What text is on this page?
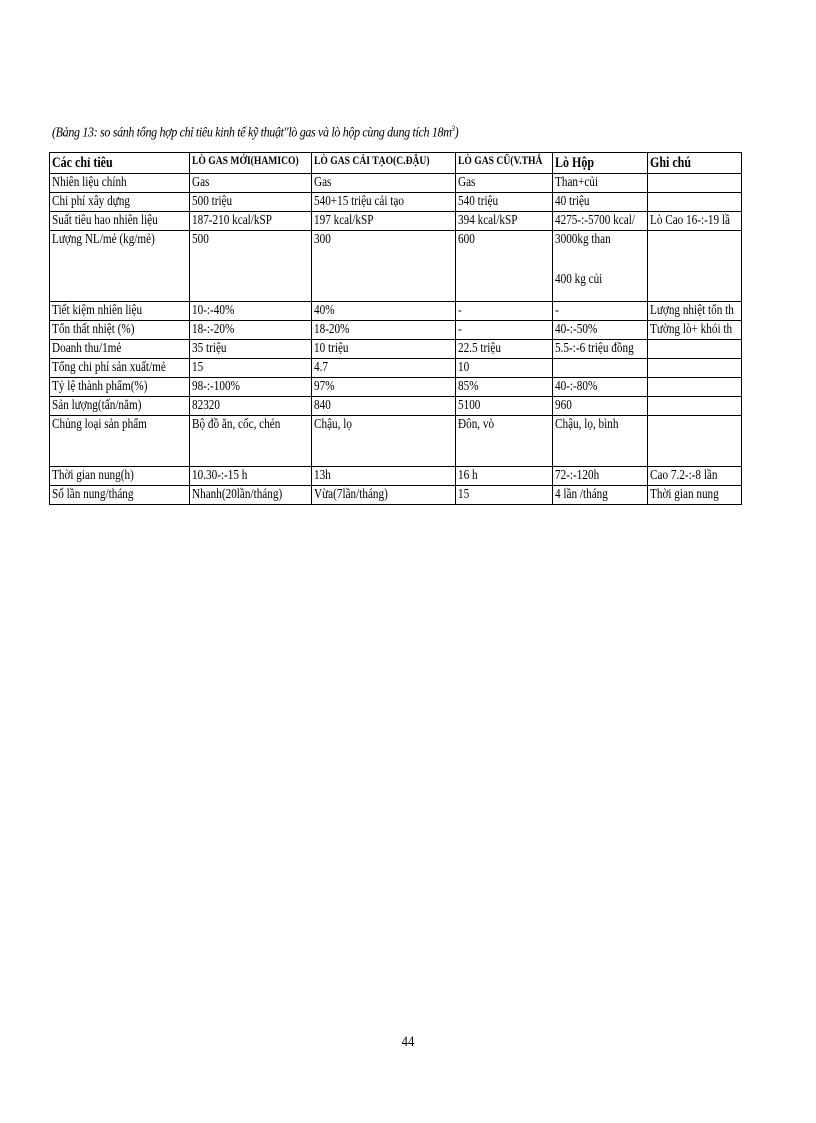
(Bảng 13: so sánh tổng hợp chỉ tiêu kinh tế kỹ thuật"lò gas và lò hộp cùng dung tích $18m^3$)
Các chỉ tiêu	LÒ GAS MỚI(HAMICO)	LÒ GAS CẢI TẠO(C.ĐẬU)	LÒ GAS CŨ(V.THẮ	Lò Hộp	Ghi chú
Nhiên liệu chính	Gas	Gas	Gas	Than+củi	
Chi phí xây dựng	500 triệu	540+15 triệu cải tạo	540 triệu	40 triệu	
Suất tiêu hao nhiên liệu	187-210 kcal/kSP	197 kcal/kSP	394 kcal/kSP	4275-:-5700 kcal/	Lò Cao 16-:-19 lầ
Lượng NL/mẻ (kg/mẻ)	500	300	600	3000kg than
400 kg củi	
Tiết kiệm nhiên liệu	10-:-40%	40%	-	-	Lượng nhiệt tổn th
Tổn thất nhiệt (%)	18-:-20%	18-20%	-	40-:-50%	Tường lò+ khói th
Doanh thu/1mẻ	35 triệu	10 triệu	22.5 triệu	5.5-:-6 triệu đồng	
Tổng chi phí sản xuất/mẻ	15	4.7	10		
Tỷ lệ thành phẩm(%)	98-:-100%	97%	85%	40-:-80%	
Sản lượng(tấn/năm)	82320	840	5100	960	
Chủng loại sản phẩm	Bộ đồ ăn, cốc, chén	Chậu, lọ	Đôn, vò	Chậu, lọ, bình	
Thời gian nung(h)	10.30-:-15 h	13h	16 h	72-:-120h	Cao 7.2-:-8 lần
Số lần nung/tháng	Nhanh(20lần/tháng)	Vừa(7lần/tháng)	15	4 lần /tháng	Thời gian nung
44
